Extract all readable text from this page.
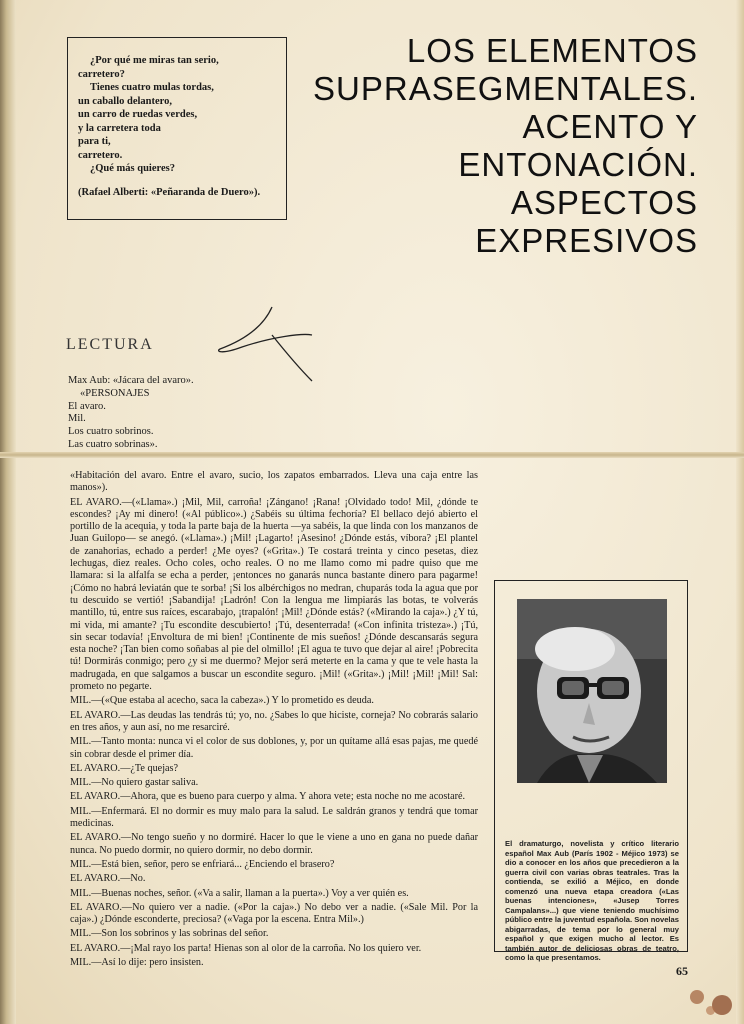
¿Por qué me miras tan serio,
carretero?
Tienes cuatro mulas tordas,
un caballo delantero,
un carro de ruedas verdes,
y la carretera toda
para ti,
carretero.
¿Qué más quieres?
(Rafael Alberti: «Peñaranda de Duero»).
LOS ELEMENTOS
SUPRASEGMENTALES.
ACENTO Y
ENTONACIÓN.
ASPECTOS
EXPRESIVOS
LECTURA
Max Aub: «Jácara del avaro».
«PERSONAJES
El avaro.
Mil.
Los cuatro sobrinos.
Las cuatro sobrinas».

«Habitación del avaro. Entre el avaro, sucio, los zapatos embarrados. Lleva una caja entre las manos»).

EL AVARO.—(«Llama».) ¡Mil, Mil, carroña! ¡Zángano! ¡Rana! ¡Olvidado todo! Mil, ¿dónde te escondes? ¡Ay mi dinero! («Al público».) ¿Sabéis su última fechoría? El bellaco dejó abierto el portillo de la acequia, y toda la parte baja de la huerta —ya sabéis, la que linda con los manzanos de Juan Guilopo— se anegó. («Llama».) ¡Mil! ¡Lagarto! ¡Asesino! ¿Dónde estás, víbora? ¡El plantel de zanahorias, echado a perder! ¿Me oyes? («Grita».) Te costará treinta y cinco pesetas, diez lechugas, diez reales. Ocho coles, ocho reales. O no me llamo como mi padre quiso que me llamara: si la alfalfa se echa a perder, ¡entonces no ganarás nunca bastante dinero para pagarme! ¡Cómo no habrá leviatán que te sorba! ¡Si los albérchigos no medran, chuparás toda la agua que por tu descuido se vertió! ¡Sabandija! ¡Ladrón! Con la lengua me limpiarás las botas, te volverás mantillo, tú, entre sus raíces, escarabajo, ¡trapalón! ¡Mil! ¿Dónde estás? («Mirando la caja».) ¿Y tú, mi vida, mi amante? ¡Tu escondite descubierto! ¡Tú, desenterrada! («Con infinita tristeza».) ¡Tú, sin secar todavía! ¡Envoltura de mi bien! ¡Continente de mis sueños! ¿Dónde descansarás segura esta noche? ¡Tan bien como soñabas al pie del olmillo! ¡El agua te tuvo que dejar al aire! ¡Pobrecita tú! Dormirás conmigo; pero ¿y si me duermo? Mejor será meterte en la cama y que te vele hasta la madrugada, en que salgamos a buscar un escondite seguro. ¡Mil! («Grita».) ¡Mil! ¡Mil! ¡Mil! Sal: prometo no pegarte.

MIL.—(«Que estaba al acecho, saca la cabeza».) Y lo prometido es deuda.

EL AVARO.—Las deudas las tendrás tú; yo, no. ¿Sabes lo que hiciste, corneja? No cobrarás salario en tres años, y aun así, no me resarciré.

MIL.—Tanto monta: nunca vi el color de sus doblones, y, por un quítame allá esas pajas, me quedé sin cobrar desde el primer día.

EL AVARO.—¿Te quejas?

MIL.—No quiero gastar saliva.

EL AVARO.—Ahora, que es bueno para cuerpo y alma. Y ahora vete; esta noche no me acostaré.

MIL.—Enfermará. El no dormir es muy malo para la salud. Le saldrán granos y tendrá que tomar medicinas.

EL AVARO.—No tengo sueño y no dormiré. Hacer lo que le viene a uno en gana no puede dañar nunca. No puedo dormir, no quiero dormir, no debo dormir.

MIL.—Está bien, señor, pero se enfriará... ¿Enciendo el brasero?

EL AVARO.—No.

MIL.—Buenas noches, señor. («Va a salir, llaman a la puerta».) Voy a ver quién es.

EL AVARO.—No quiero ver a nadie. («Por la caja».) No debo ver a nadie. («Sale Mil. Por la caja».) ¿Dónde esconderte, preciosa? («Vaga por la escena. Entra Mil».)

MIL.—Son los sobrinos y las sobrinas del señor.

EL AVARO.—¡Mal rayo los parta! Hienas son al olor de la carroña. No los quiero ver.

MIL.—Así lo dije: pero insisten.

El dramaturgo, novelista y crítico literario español Max Aub (París 1902 - Méjico 1973) se dio a conocer en los años que precedieron a la guerra civil con varias obras teatrales. Tras la contienda, se exilió a Méjico, en donde comenzó una nueva etapa creadora («Las buenas intenciones», «Jusep Torres Campalans»...) que viene teniendo muchísimo público entre la juventud española. Son novelas abigarradas, de tema por lo general muy español y que exigen mucho al lector. Es también autor de deliciosas obras de teatro, como la que presentamos.
65
